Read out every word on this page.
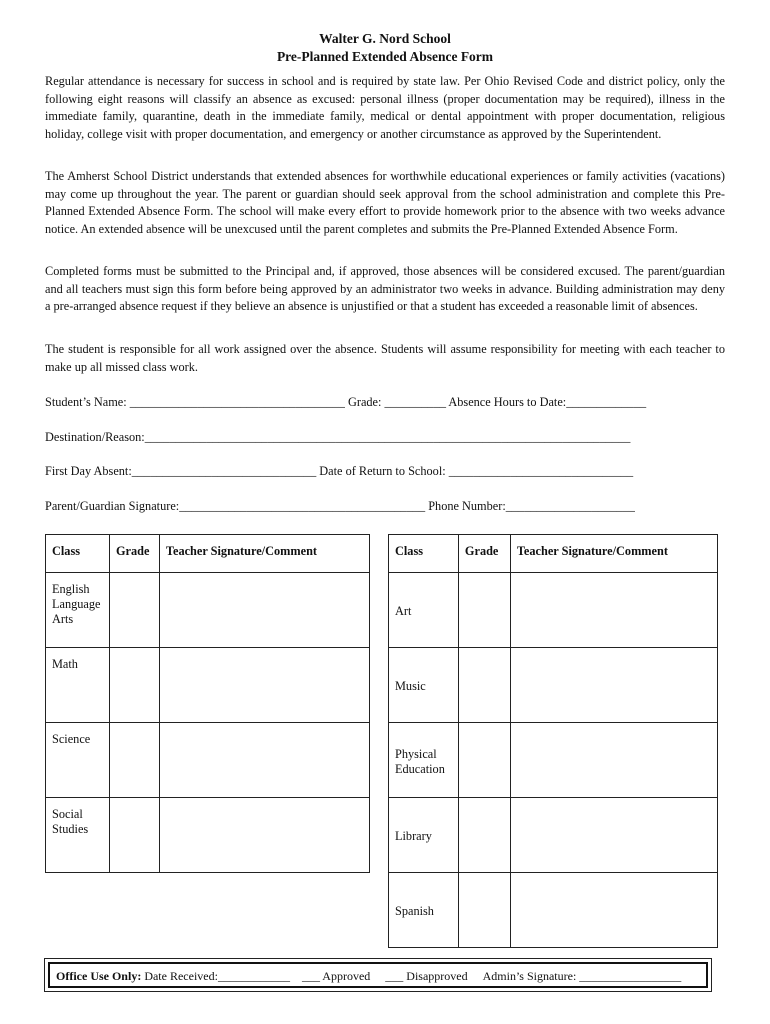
Walter G. Nord School
Pre-Planned Extended Absence Form

Regular attendance is necessary for success in school and is required by state law. Per Ohio Revised Code and district policy, only the following eight reasons will classify an absence as excused: personal illness (proper documentation may be required), illness in the immediate family, quarantine, death in the immediate family, medical or dental appointment with proper documentation, religious holiday, college visit with proper documentation, and emergency or another circumstance as approved by the Superintendent.

The Amherst School District understands that extended absences for worthwhile educational experiences or family activities (vacations) may come up throughout the year. The parent or guardian should seek approval from the school administration and complete this Pre-Planned Extended Absence Form. The school will make every effort to provide homework prior to the absence with two weeks advance notice. An extended absence will be unexcused until the parent completes and submits the Pre-Planned Extended Absence Form.

Completed forms must be submitted to the Principal and, if approved, those absences will be considered excused. The parent/guardian and all teachers must sign this form before being approved by an administrator two weeks in advance. Building administration may deny a pre-arranged absence request if they believe an absence is unjustified or that a student has exceeded a reasonable limit of absences.

The student is responsible for all work assigned over the absence. Students will assume responsibility for meeting with each teacher to make up all missed class work.

Student’s Name: ___________________________________ Grade: __________ Absence Hours to Date:_____________
Destination/Reason:_______________________________________________________________________________
First Day Absent:______________________________ Date of Return to School: ______________________________
Parent/Guardian Signature:________________________________________ Phone Number:_____________________
Class	Grade	Teacher Signature/Comment
English Language Arts		
Math		
Science		
Social Studies		
Class	Grade	Teacher Signature/Comment
Art		
Music		
Physical Education		
Library		
Spanish		
Office Use Only: Date Received:____________ ___ Approved ___ Disapproved Admin’s Signature: _________________
